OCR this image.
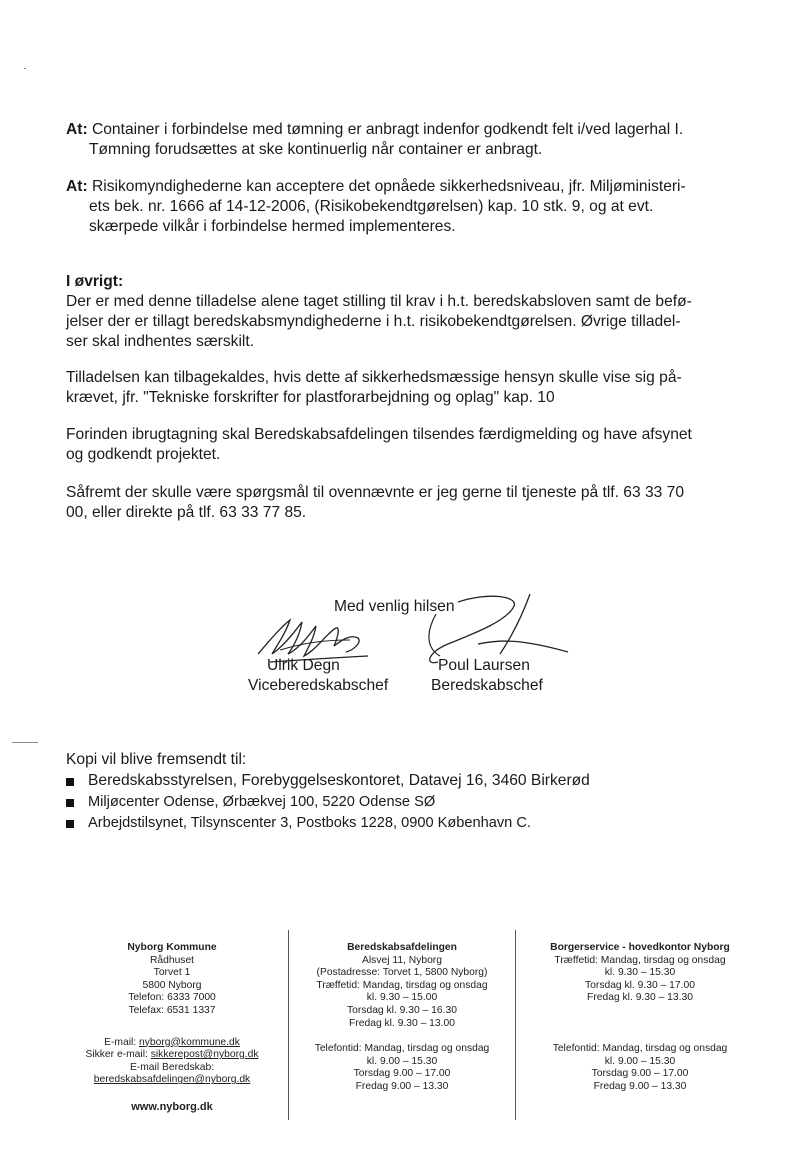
At: Container i forbindelse med tømning er anbragt indenfor godkendt felt i/ved lagerhal I.
Tømning forudsættes at ske kontinuerlig når container er anbragt.
At: Risikomyndighederne kan acceptere det opnåede sikkerhedsniveau, jfr. Miljøministeri-
ets bek. nr. 1666 af 14-12-2006, (Risikobekendtgørelsen) kap. 10 stk. 9, og at evt.
skærpede vilkår i forbindelse hermed implementeres.
I øvrigt:
Der er med denne tilladelse alene taget stilling til krav i h.t. beredskabsloven samt de befø-
jelser der er tillagt beredskabsmyndighederne i h.t. risikobekendtgørelsen. Øvrige tilladel-
ser skal indhentes særskilt.
Tilladelsen kan tilbagekaldes, hvis dette af sikkerhedsmæssige hensyn skulle vise sig på-
krævet, jfr. "Tekniske forskrifter for plastforarbejdning og oplag" kap. 10
Forinden ibrugtagning skal Beredskabsafdelingen tilsendes færdigmelding og have afsynet
og godkendt projektet.
Såfremt der skulle være spørgsmål til ovennævnte er jeg gerne til tjeneste på tlf. 63 33 70
00, eller direkte på tlf. 63 33 77 85.
Med venlig hilsen
Ulrik Degn	Poul Laursen
Viceberedskabschef	Beredskabschef
Kopi vil blive fremsendt til:
Beredskabsstyrelsen, Forebyggelseskontoret, Datavej 16, 3460 Birkerød
Miljøcenter Odense, Ørbækvej 100, 5220 Odense SØ
Arbejdstilsynet, Tilsynscenter 3, Postboks 1228, 0900 København C.
Nyborg Kommune
Rådhuset
Torvet 1
5800 Nyborg
Telefon: 6333 7000
Telefax: 6531 1337
E-mail: nyborg@kommune.dk
Sikker e-mail: sikkerepost@nyborg.dk
E-mail Beredskab:
beredskabsafdelingen@nyborg.dk
www.nyborg.dk
Beredskabsafdelingen
Alsvej 11, Nyborg
(Postadresse: Torvet 1, 5800 Nyborg)
Træffetid: Mandag, tirsdag og onsdag
kl. 9.30 – 15.00
Torsdag kl. 9.30 – 16.30
Fredag kl. 9.30 – 13.00
Telefontid: Mandag, tirsdag og onsdag
kl. 9.00 – 15.30
Torsdag 9.00 – 17.00
Fredag 9.00 – 13.30
Borgerservice - hovedkontor Nyborg
Træffetid: Mandag, tirsdag og onsdag
kl. 9.30 – 15.30
Torsdag kl. 9.30 – 17.00
Fredag kl. 9.30 – 13.30
Telefontid: Mandag, tirsdag og onsdag
kl. 9.00 – 15.30
Torsdag 9.00 – 17.00
Fredag 9.00 – 13.30
